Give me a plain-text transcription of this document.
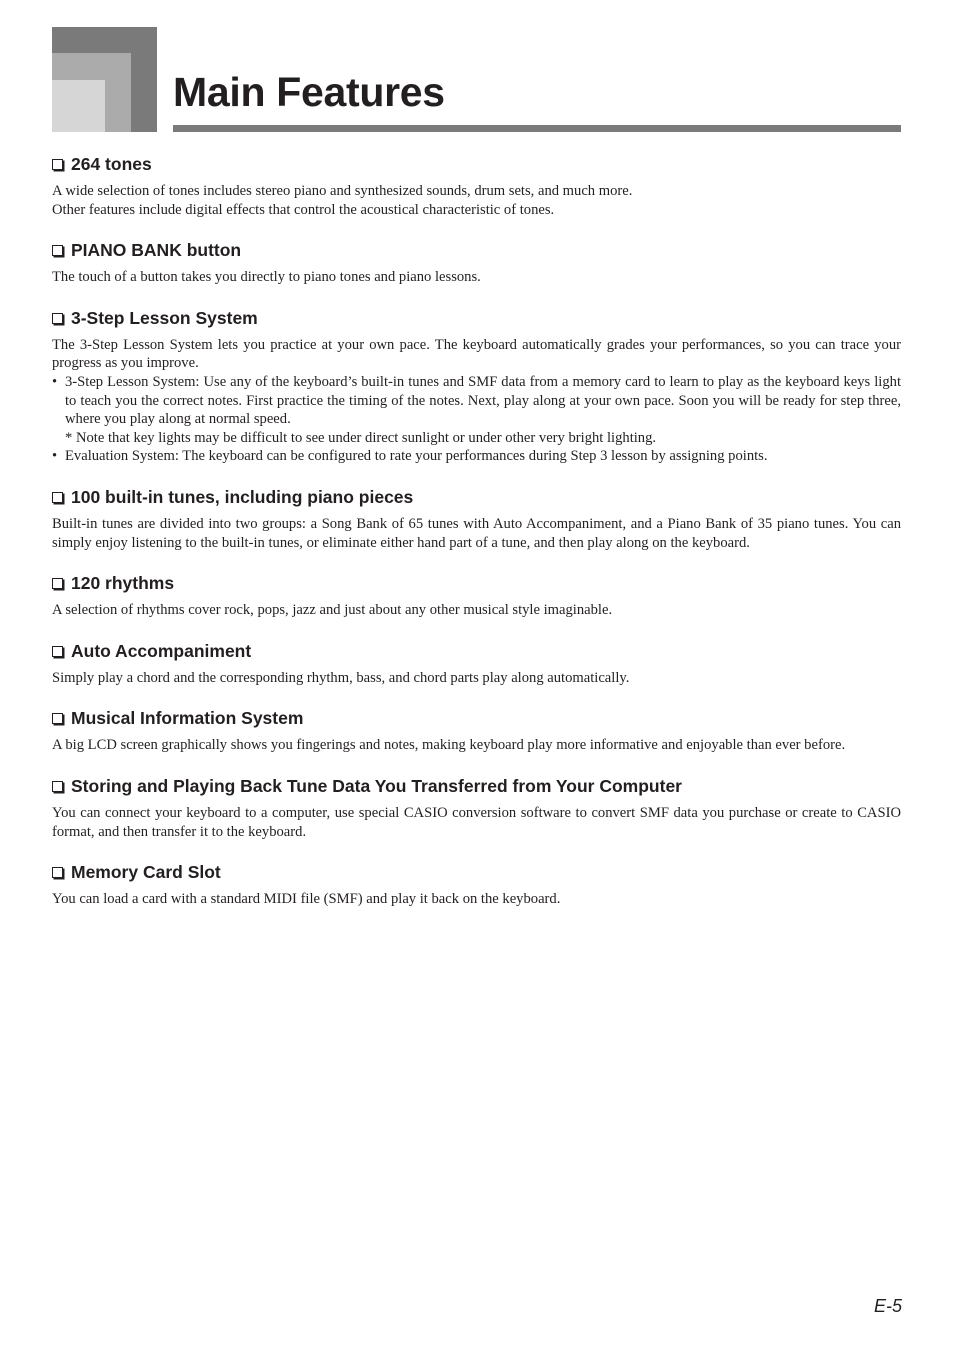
Main Features
264 tones

A wide selection of tones includes stereo piano and synthesized sounds, drum sets, and much more.

Other features include digital effects that control the acoustical characteristic of tones.

PIANO BANK button

The touch of a button takes you directly to piano tones and piano lessons.

3-Step Lesson System

The 3-Step Lesson System lets you practice at your own pace. The keyboard automatically grades your performances, so you can trace your progress as you improve.

• 3-Step Lesson System: Use any of the keyboard’s built-in tunes and SMF data from a memory card to learn to play as the keyboard keys light to teach you the correct notes. First practice the timing of the notes. Next, play along at your own pace. Soon you will be ready for step three, where you play along at normal speed.

* Note that key lights may be difficult to see under direct sunlight or under other very bright lighting.

• Evaluation System: The keyboard can be configured to rate your performances during Step 3 lesson by assigning points.
100 built-in tunes, including piano pieces

Built-in tunes are divided into two groups: a Song Bank of 65 tunes with Auto Accompaniment, and a Piano Bank of 35 piano tunes. You can simply enjoy listening to the built-in tunes, or eliminate either hand part of a tune, and then play along on the keyboard.

120 rhythms

A selection of rhythms cover rock, pops, jazz and just about any other musical style imaginable.

Auto Accompaniment

Simply play a chord and the corresponding rhythm, bass, and chord parts play along automatically.

Musical Information System

A big LCD screen graphically shows you fingerings and notes, making keyboard play more informative and enjoyable than ever before.

Storing and Playing Back Tune Data You Transferred from Your Computer

You can connect your keyboard to a computer, use special CASIO conversion software to convert SMF data you purchase or create to CASIO format, and then transfer it to the keyboard.

Memory Card Slot

You can load a card with a standard MIDI file (SMF) and play it back on the keyboard.

E-5
